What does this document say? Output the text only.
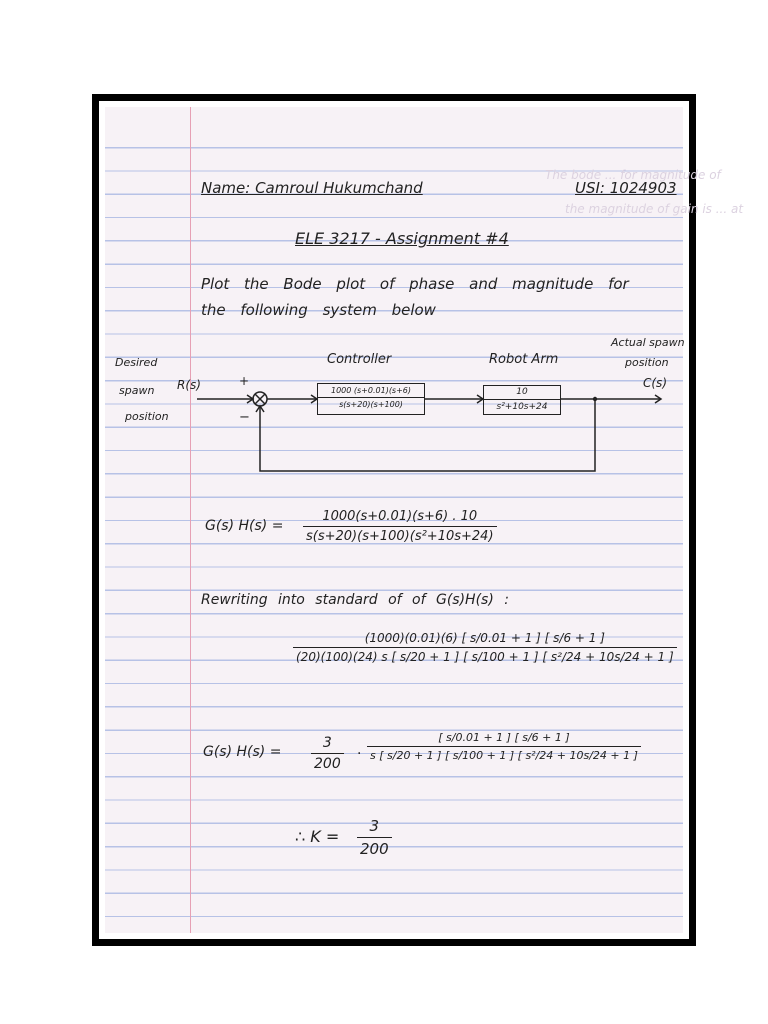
The bode ... for magnitude of
the magnitude of gain is ... at
Name: Camroul Hukumchand	USI: 1024903
ELE 3217 - Assignment #4
Plot the Bode plot of phase and magnitude for
the following system below
Desired
spawn
position
R(s)	+
−
Controller
1000 (s+0.01)(s+6)
s(s+20)(s+100)
Robot Arm
10
s²+10s+24
Actual spawn
position
C(s)
G(s) H(s) =
1000(s+0.01)(s+6) . 10
s(s+20)(s+100)(s²+10s+24)
Rewriting into standard of of G(s)H(s) :
(1000)(0.01)(6) [ s/0.01 + 1 ] [ s/6 + 1 ]
(20)(100)(24) s [ s/20 + 1 ] [ s/100 + 1 ] [ s²/24 + 10s/24 + 1 ]
G(s) H(s) =
3
200
·
[ s/0.01 + 1 ] [ s/6 + 1 ]
s [ s/20 + 1 ] [ s/100 + 1 ] [ s²/24 + 10s/24 + 1 ]
∴ K =
3
200
